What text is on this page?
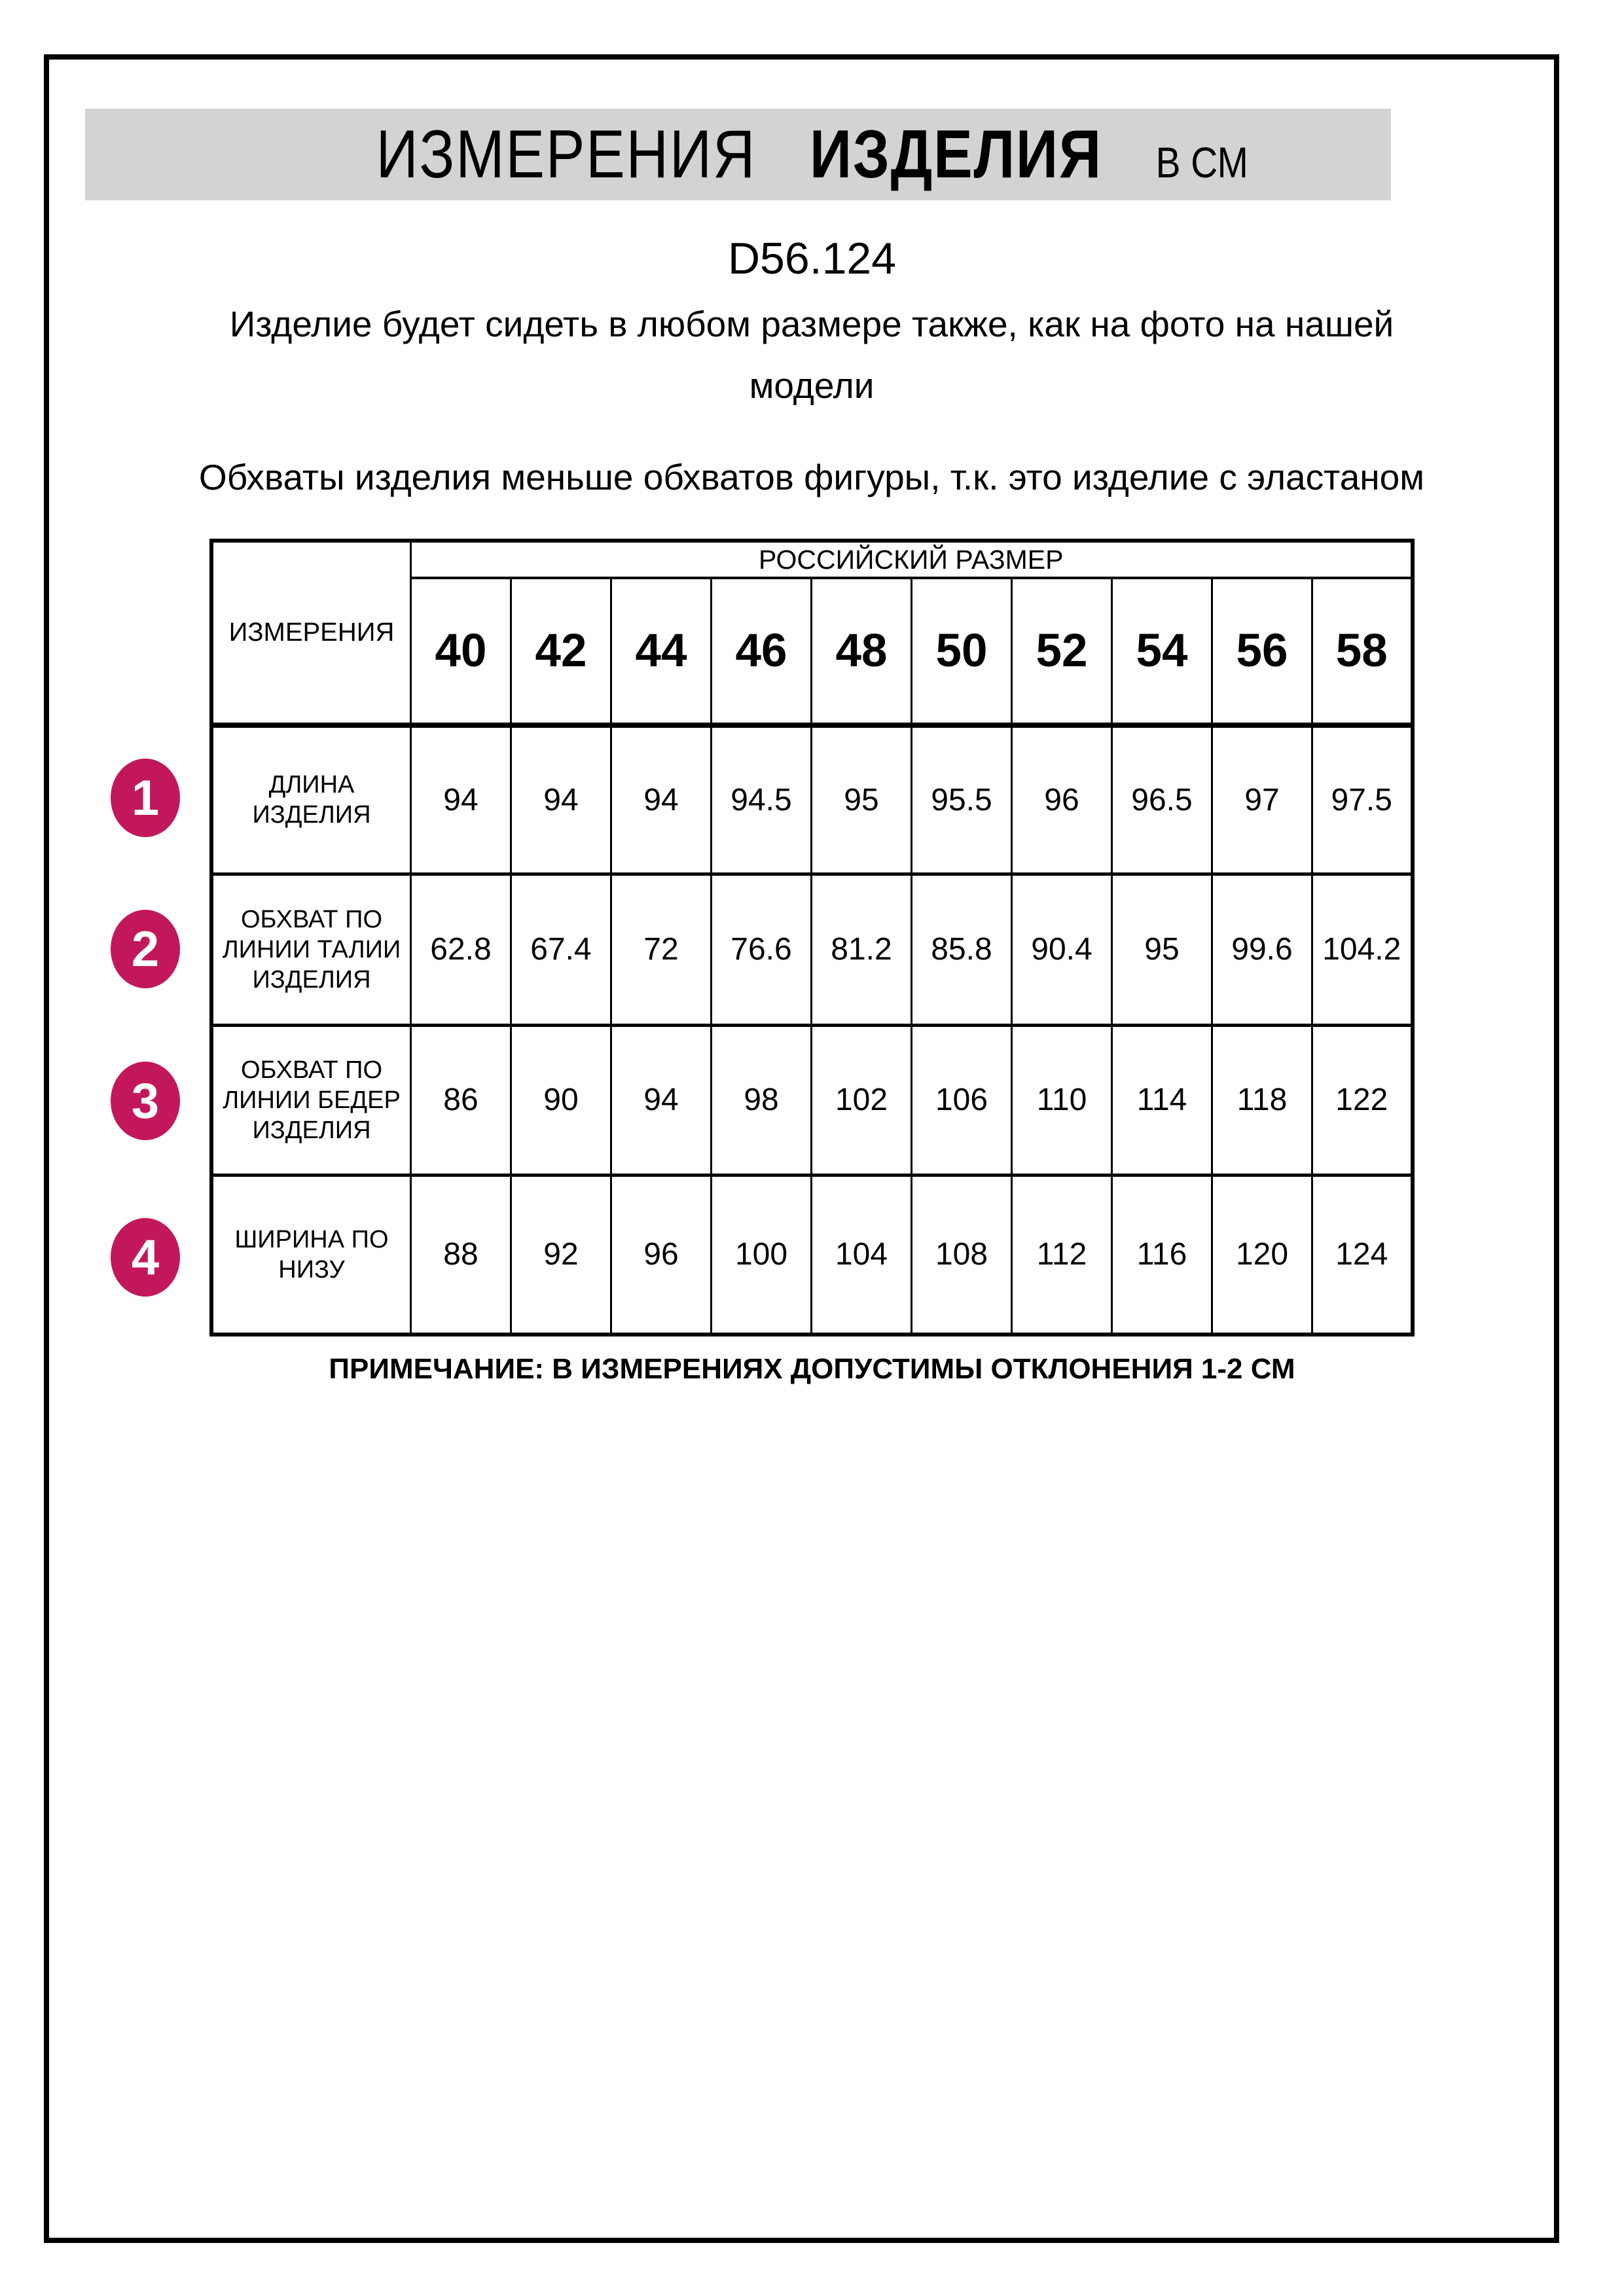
ИЗМЕРЕНИЯ ИЗДЕЛИЯ В СМ
D56.124
Изделие будет сидеть в любом размере также, как на фото на нашей модели
Обхваты изделия меньше обхватов фигуры, т.к. это изделие с эластаном
ИЗМЕРЕНИЯ	РОССИЙСКИЙ РАЗМЕР									
	40	42	44	46	48	50	52	54	56	58
ДЛИНА ИЗДЕЛИЯ	94	94	94	94.5	95	95.5	96	96.5	97	97.5
ОБХВАТ ПО ЛИНИИ ТАЛИИ ИЗДЕЛИЯ	62.8	67.4	72	76.6	81.2	85.8	90.4	95	99.6	104.2
ОБХВАТ ПО ЛИНИИ БЕДЕР ИЗДЕЛИЯ	86	90	94	98	102	106	110	114	118	122
ШИРИНА ПО НИЗУ	88	92	96	100	104	108	112	116	120	124
1
2
3
4
ПРИМЕЧАНИЕ: В ИЗМЕРЕНИЯХ ДОПУСТИМЫ ОТКЛОНЕНИЯ 1-2 СМ
